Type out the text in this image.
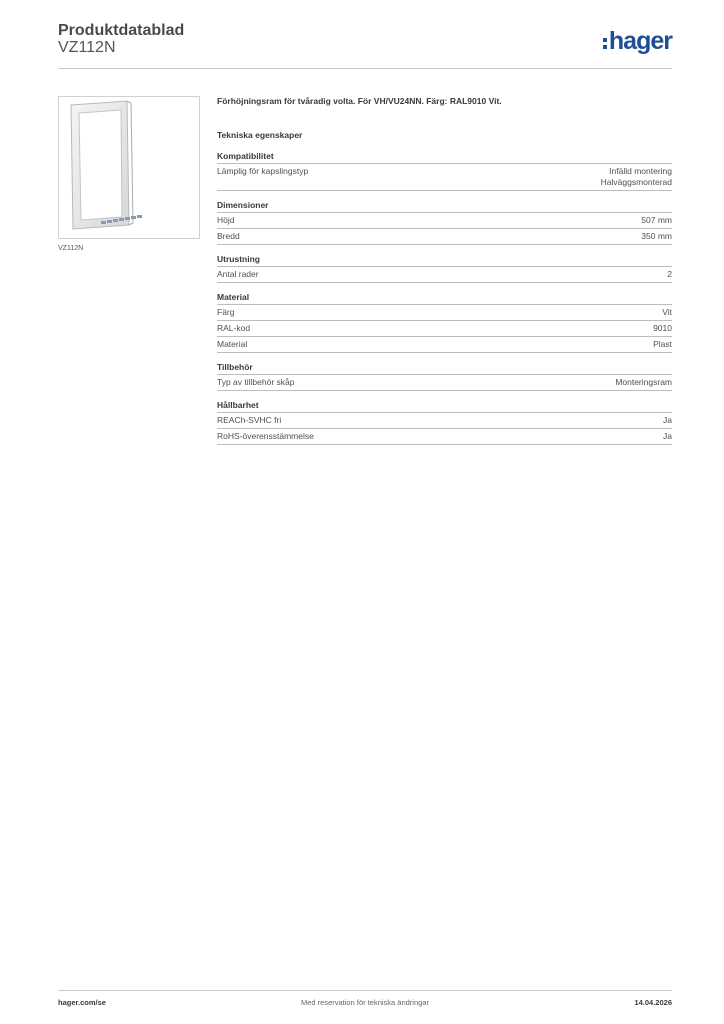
Produktdatablad
VZ112N	hager
VZ112N

Förhöjningsram för tvåradig volta. För VH/VU24NN. Färg: RAL9010 Vit.

Tekniska egenskaper
Kompatibilitet
Lämplig för kapslingstyp	Infälld montering
Halväggsmonterad
Dimensioner
Höjd	507 mm
Bredd	350 mm
Utrustning
Antal rader	2
Material
Färg	Vit
RAL-kod	9010
Material	Plast
Tillbehör
Typ av tillbehör skåp	Monteringsram
Hållbarhet
REACh-SVHC fri	Ja
RoHS-överensstämmelse	Ja
hager.com/se	Med reservation för tekniska ändringar	14.04.2026
